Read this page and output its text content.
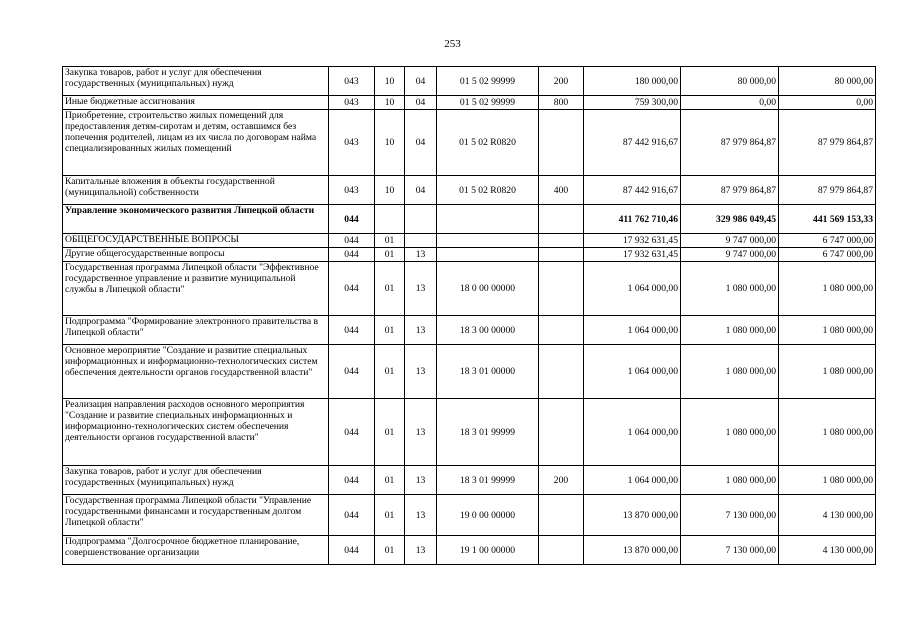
253
Закупка товаров, работ и услуг для обеспечения государственных (муниципальных) нужд	043	10	04	01 5 02 99999	200	180 000,00	80 000,00	80 000,00
Иные бюджетные ассигнования	043	10	04	01 5 02 99999	800	759 300,00	0,00	0,00
Приобретение, строительство жилых помещений для предоставления детям-сиротам и детям, оставшимся без попечения родителей, лицам из их числа по договорам найма специализированных жилых помещений	043	10	04	01 5 02 R0820		87 442 916,67	87 979 864,87	87 979 864,87
Капитальные вложения в объекты государственной (муниципальной) собственности	043	10	04	01 5 02 R0820	400	87 442 916,67	87 979 864,87	87 979 864,87
Управление экономического развития Липецкой области	044					411 762 710,46	329 986 049,45	441 569 153,33
ОБЩЕГОСУДАРСТВЕННЫЕ ВОПРОСЫ	044	01				17 932 631,45	9 747 000,00	6 747 000,00
Другие общегосударственные вопросы	044	01	13			17 932 631,45	9 747 000,00	6 747 000,00
Государственная программа Липецкой области "Эффективное государственное управление и развитие муниципальной службы в Липецкой области"	044	01	13	18 0 00 00000		1 064 000,00	1 080 000,00	1 080 000,00
Подпрограмма "Формирование электронного правительства в Липецкой области"	044	01	13	18 3 00 00000		1 064 000,00	1 080 000,00	1 080 000,00
Основное мероприятие "Создание и развитие специальных информационных и информационно-технологических систем обеспечения деятельности органов государственной власти"	044	01	13	18 3 01 00000		1 064 000,00	1 080 000,00	1 080 000,00
Реализация направления расходов основного мероприятия "Создание и развитие специальных информационных и информационно-технологических систем обеспечения деятельности органов государственной власти"	044	01	13	18 3 01 99999		1 064 000,00	1 080 000,00	1 080 000,00
Закупка товаров, работ и услуг для обеспечения государственных (муниципальных) нужд	044	01	13	18 3 01 99999	200	1 064 000,00	1 080 000,00	1 080 000,00
Государственная программа Липецкой области "Управление государственными финансами и государственным долгом Липецкой области"	044	01	13	19 0 00 00000		13 870 000,00	7 130 000,00	4 130 000,00
Подпрограмма "Долгосрочное бюджетное планирование, совершенствование организации	044	01	13	19 1 00 00000		13 870 000,00	7 130 000,00	4 130 000,00
